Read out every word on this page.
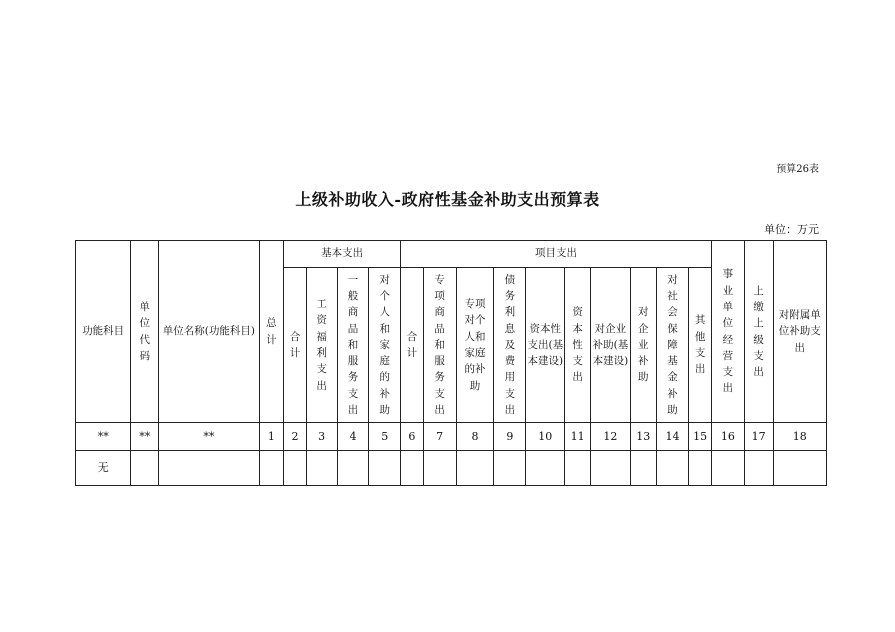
预算26表
上级补助收入-政府性基金补助支出预算表
单位：万元
功能科目	单位代码	单位名称(功能科目)	总计	基本支出				项目支出										事业单位经营支出	上缴上级支出	对附属单位补助支出
				合计	工资福利支出	一般商品和服务支出	对个人和家庭的补助	合计	专项商品和服务支出	专项对个人和家庭的补助	债务利息及费用支出	资本性支出(基本建设)	资本性支出	对企业补助(基本建设)	对企业补助	对社会保障基金补助	其他支出			
**	**	**	1	2	3	4	5	6	7	8	9	10	11	12	13	14	15	16	17	18
无																				
